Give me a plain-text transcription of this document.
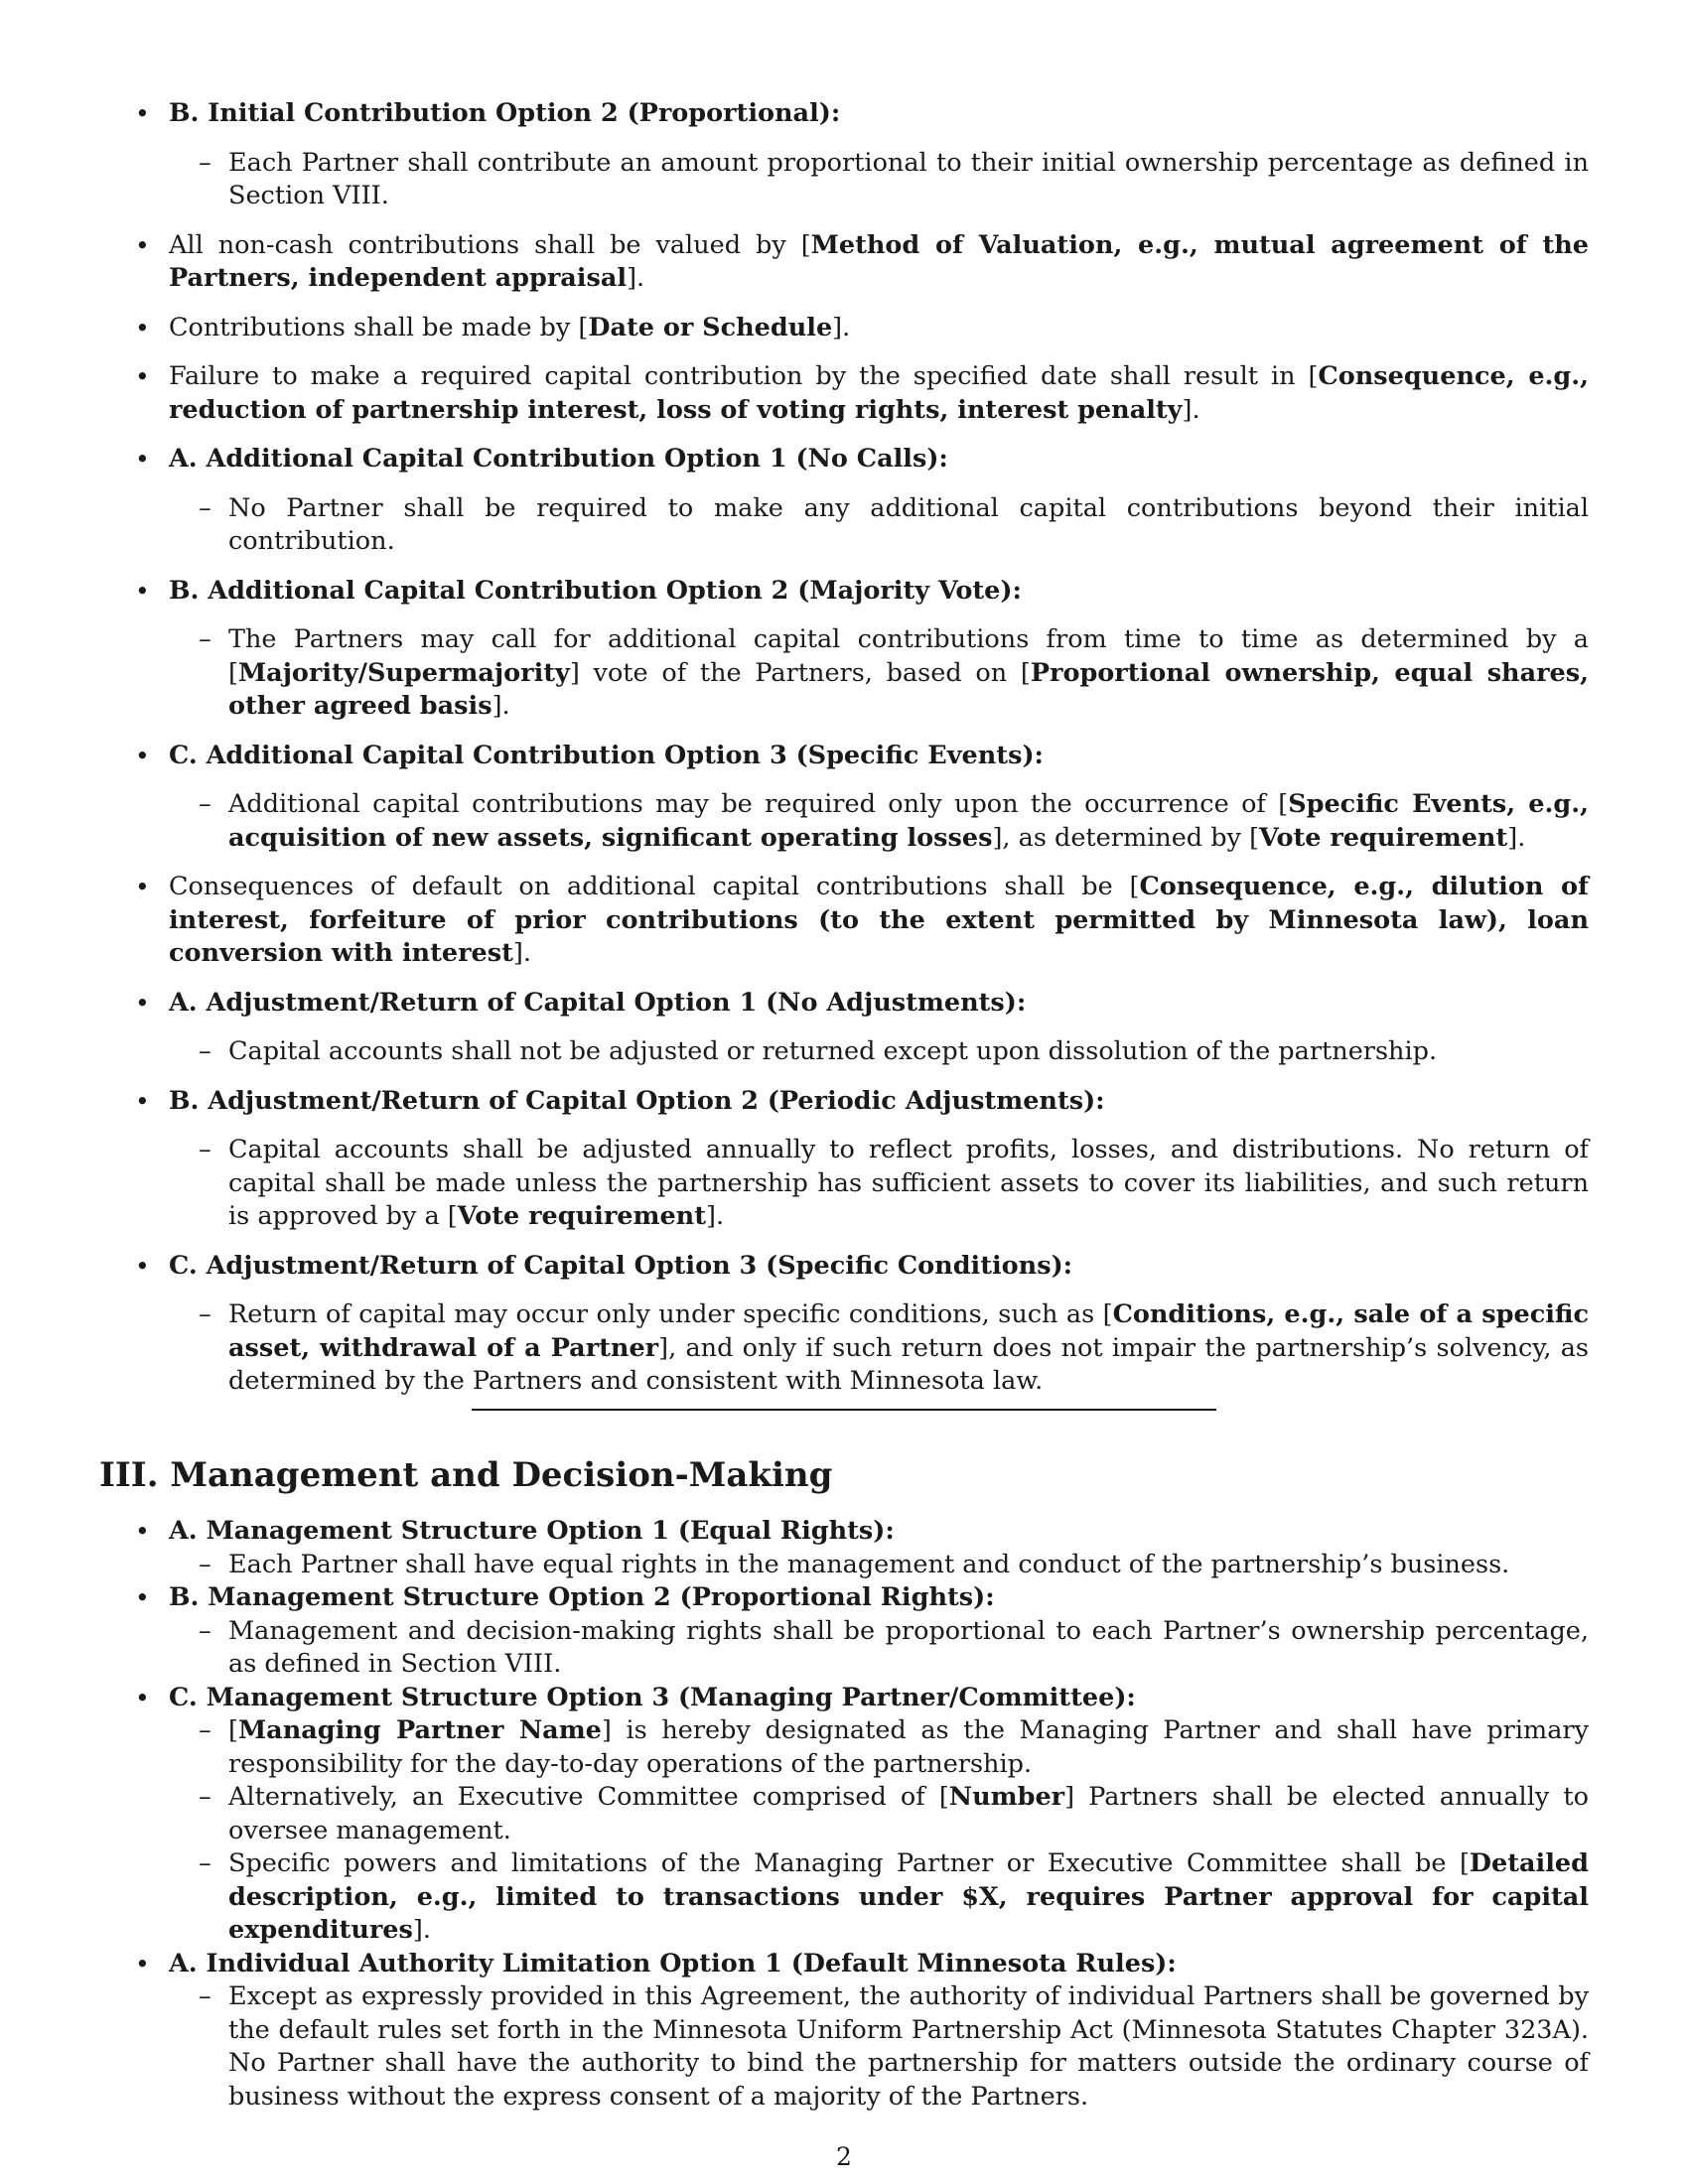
• B. Initial Contribution Option 2 (Proportional):
– Each Partner shall contribute an amount proportional to their initial ownership percentage as defined in Section VIII.
• All non-cash contributions shall be valued by [Method of Valuation, e.g., mutual agreement of the Partners, independent appraisal].
• Contributions shall be made by [Date or Schedule].
• Failure to make a required capital contribution by the specified date shall result in [Consequence, e.g., reduction of partnership interest, loss of voting rights, interest penalty].
• A. Additional Capital Contribution Option 1 (No Calls):
– No Partner shall be required to make any additional capital contributions beyond their initial contribution.
• B. Additional Capital Contribution Option 2 (Majority Vote):
– The Partners may call for additional capital contributions from time to time as determined by a [Majority/Supermajority] vote of the Partners, based on [Proportional ownership, equal shares, other agreed basis].
• C. Additional Capital Contribution Option 3 (Specific Events):
– Additional capital contributions may be required only upon the occurrence of [Specific Events, e.g., acquisition of new assets, significant operating losses], as determined by [Vote requirement].
• Consequences of default on additional capital contributions shall be [Consequence, e.g., dilution of interest, forfeiture of prior contributions (to the extent permitted by Minnesota law), loan conversion with interest].
• A. Adjustment/Return of Capital Option 1 (No Adjustments):
– Capital accounts shall not be adjusted or returned except upon dissolution of the partnership.
• B. Adjustment/Return of Capital Option 2 (Periodic Adjustments):
– Capital accounts shall be adjusted annually to reflect profits, losses, and distributions. No return of capital shall be made unless the partnership has sufficient assets to cover its liabilities, and such return is approved by a [Vote requirement].
• C. Adjustment/Return of Capital Option 3 (Specific Conditions):
– Return of capital may occur only under specific conditions, such as [Conditions, e.g., sale of a specific asset, withdrawal of a Partner], and only if such return does not impair the partnership’s solvency, as determined by the Partners and consistent with Minnesota law.
III. Management and Decision-Making
• A. Management Structure Option 1 (Equal Rights):
– Each Partner shall have equal rights in the management and conduct of the partnership’s business.
• B. Management Structure Option 2 (Proportional Rights):
– Management and decision-making rights shall be proportional to each Partner’s ownership percentage, as defined in Section VIII.
• C. Management Structure Option 3 (Managing Partner/Committee):
– [Managing Partner Name] is hereby designated as the Managing Partner and shall have primary responsibility for the day-to-day operations of the partnership.
– Alternatively, an Executive Committee comprised of [Number] Partners shall be elected annually to oversee management.
– Specific powers and limitations of the Managing Partner or Executive Committee shall be [Detailed description, e.g., limited to transactions under $X, requires Partner approval for capital expenditures].
• A. Individual Authority Limitation Option 1 (Default Minnesota Rules):
– Except as expressly provided in this Agreement, the authority of individual Partners shall be governed by the default rules set forth in the Minnesota Uniform Partnership Act (Minnesota Statutes Chapter 323A). No Partner shall have the authority to bind the partnership for matters outside the ordinary course of business without the express consent of a majority of the Partners.
2
